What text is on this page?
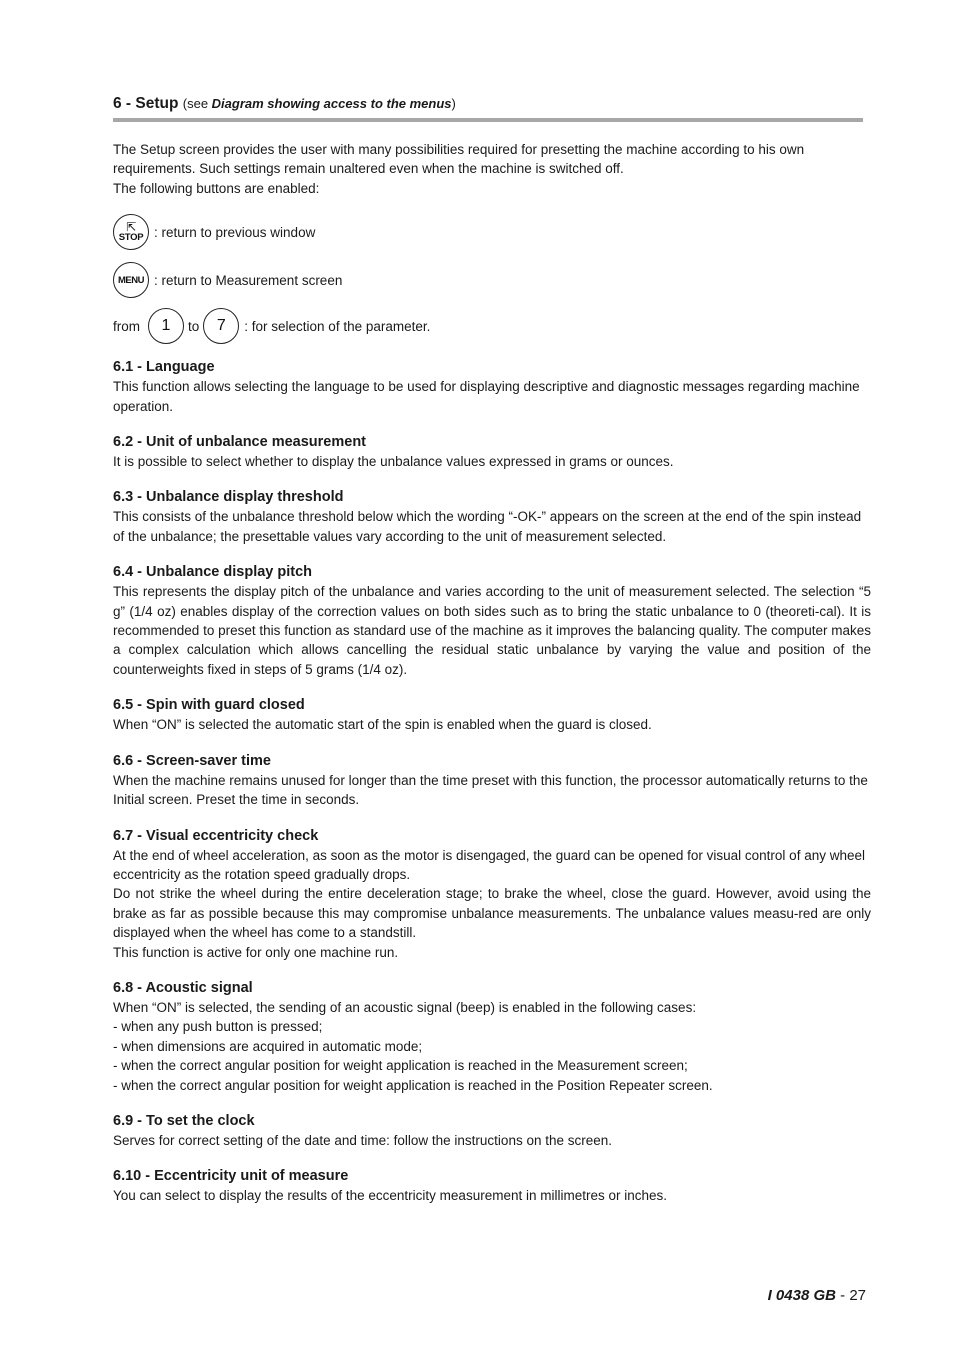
6 - Setup (see Diagram showing access to the menus)

The Setup screen provides the user with many possibilities required for presetting the machine according to his own requirements. Such settings remain unaltered even when the machine is switched off.

The following buttons are enabled:

⇱
STOP : return to previous window
MENU : return to Measurement screen
from 1 to 7 : for selection of the parameter.
6.1 - Language

This function allows selecting the language to be used for displaying descriptive and diagnostic messages regarding machine operation.

6.2 - Unit of unbalance measurement

It is possible to select whether to display the unbalance values expressed in grams or ounces.

6.3 - Unbalance display threshold

This consists of the unbalance threshold below which the wording “-OK-” appears on the screen at the end of the spin instead of the unbalance; the presettable values vary according to the unit of measurement selected.

6.4 - Unbalance display pitch

This represents the display pitch of the unbalance and varies according to the unit of measurement selected. The selection “5 g” (1/4 oz) enables display of the correction values on both sides such as to bring the static unbalance to 0 (theoreti-cal). It is recommended to preset this function as standard use of the machine as it improves the balancing quality. The computer makes a complex calculation which allows cancelling the residual static unbalance by varying the value and position of the counterweights fixed in steps of 5 grams (1/4 oz).

6.5 - Spin with guard closed

When “ON” is selected the automatic start of the spin is enabled when the guard is closed.

6.6 - Screen-saver time

When the machine remains unused for longer than the time preset with this function, the processor automatically returns to the Initial screen. Preset the time in seconds.

6.7 - Visual eccentricity check

At the end of wheel acceleration, as soon as the motor is disengaged, the guard can be opened for visual control of any wheel eccentricity as the rotation speed gradually drops.

Do not strike the wheel during the entire deceleration stage; to brake the wheel, close the guard. However, avoid using the brake as far as possible because this may compromise unbalance measurements. The unbalance values measu-red are only displayed when the wheel has come to a standstill.

This function is active for only one machine run.

6.8 - Acoustic signal

When “ON” is selected, the sending of an acoustic signal (beep) is enabled in the following cases:

- when any push button is pressed;

- when dimensions are acquired in automatic mode;

- when the correct angular position for weight application is reached in the Measurement screen;

- when the correct angular position for weight application is reached in the Position Repeater screen.

6.9 - To set the clock

Serves for correct setting of the date and time: follow the instructions on the screen.

6.10 - Eccentricity unit of measure

You can select to display the results of the eccentricity measurement in millimetres or inches.

I 0438 GB - 27
